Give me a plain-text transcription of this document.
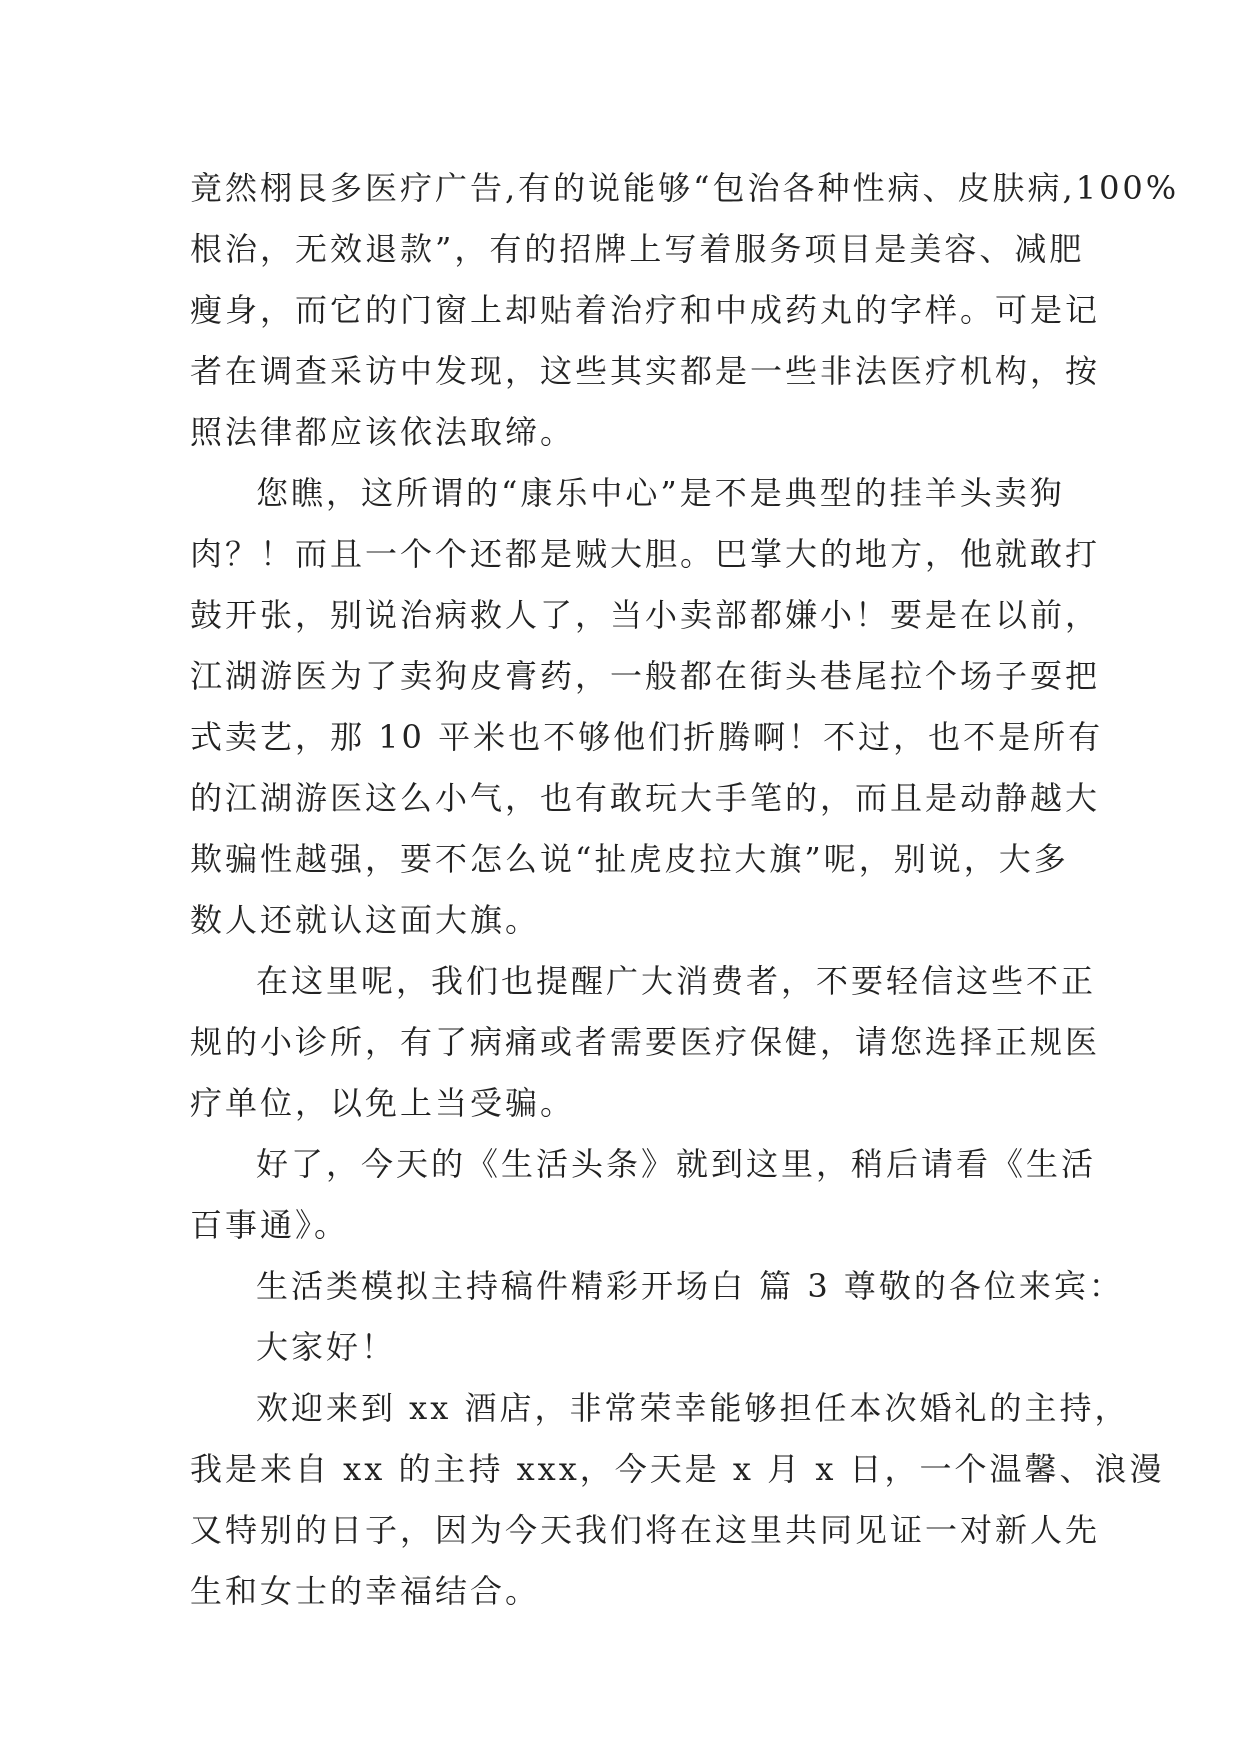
竟然栩艮多医疗广告,有的说能够“包治各种性病、皮肤病,100%
根治，无效退款”，有的招牌上写着服务项目是美容、减肥
瘦身，而它的门窗上却贴着治疗和中成药丸的字样。可是记
者在调查采访中发现，这些其实都是一些非法医疗机构，按
照法律都应该依法取缔。
您瞧，这所谓的“康乐中心”是不是典型的挂羊头卖狗
肉？！而且一个个还都是贼大胆。巴掌大的地方，他就敢打
鼓开张，别说治病救人了，当小卖部都嫌小！要是在以前，
江湖游医为了卖狗皮膏药，一般都在街头巷尾拉个场子耍把
式卖艺，那 10 平米也不够他们折腾啊！不过，也不是所有
的江湖游医这么小气，也有敢玩大手笔的，而且是动静越大
欺骗性越强，要不怎么说“扯虎皮拉大旗”呢，别说，大多
数人还就认这面大旗。
在这里呢，我们也提醒广大消费者，不要轻信这些不正
规的小诊所，有了病痛或者需要医疗保健，请您选择正规医
疗单位，以免上当受骗。
好了，今天的《生活头条》就到这里，稍后请看《生活
百事通》。
生活类模拟主持稿件精彩开场白 篇 3 尊敬的各位来宾：
大家好！
欢迎来到 xx 酒店，非常荣幸能够担任本次婚礼的主持，
我是来自 xx 的主持 xxx，今天是 x 月 x 日，一个温馨、浪漫
又特别的日子，因为今天我们将在这里共同见证一对新人先
生和女士的幸福结合。
